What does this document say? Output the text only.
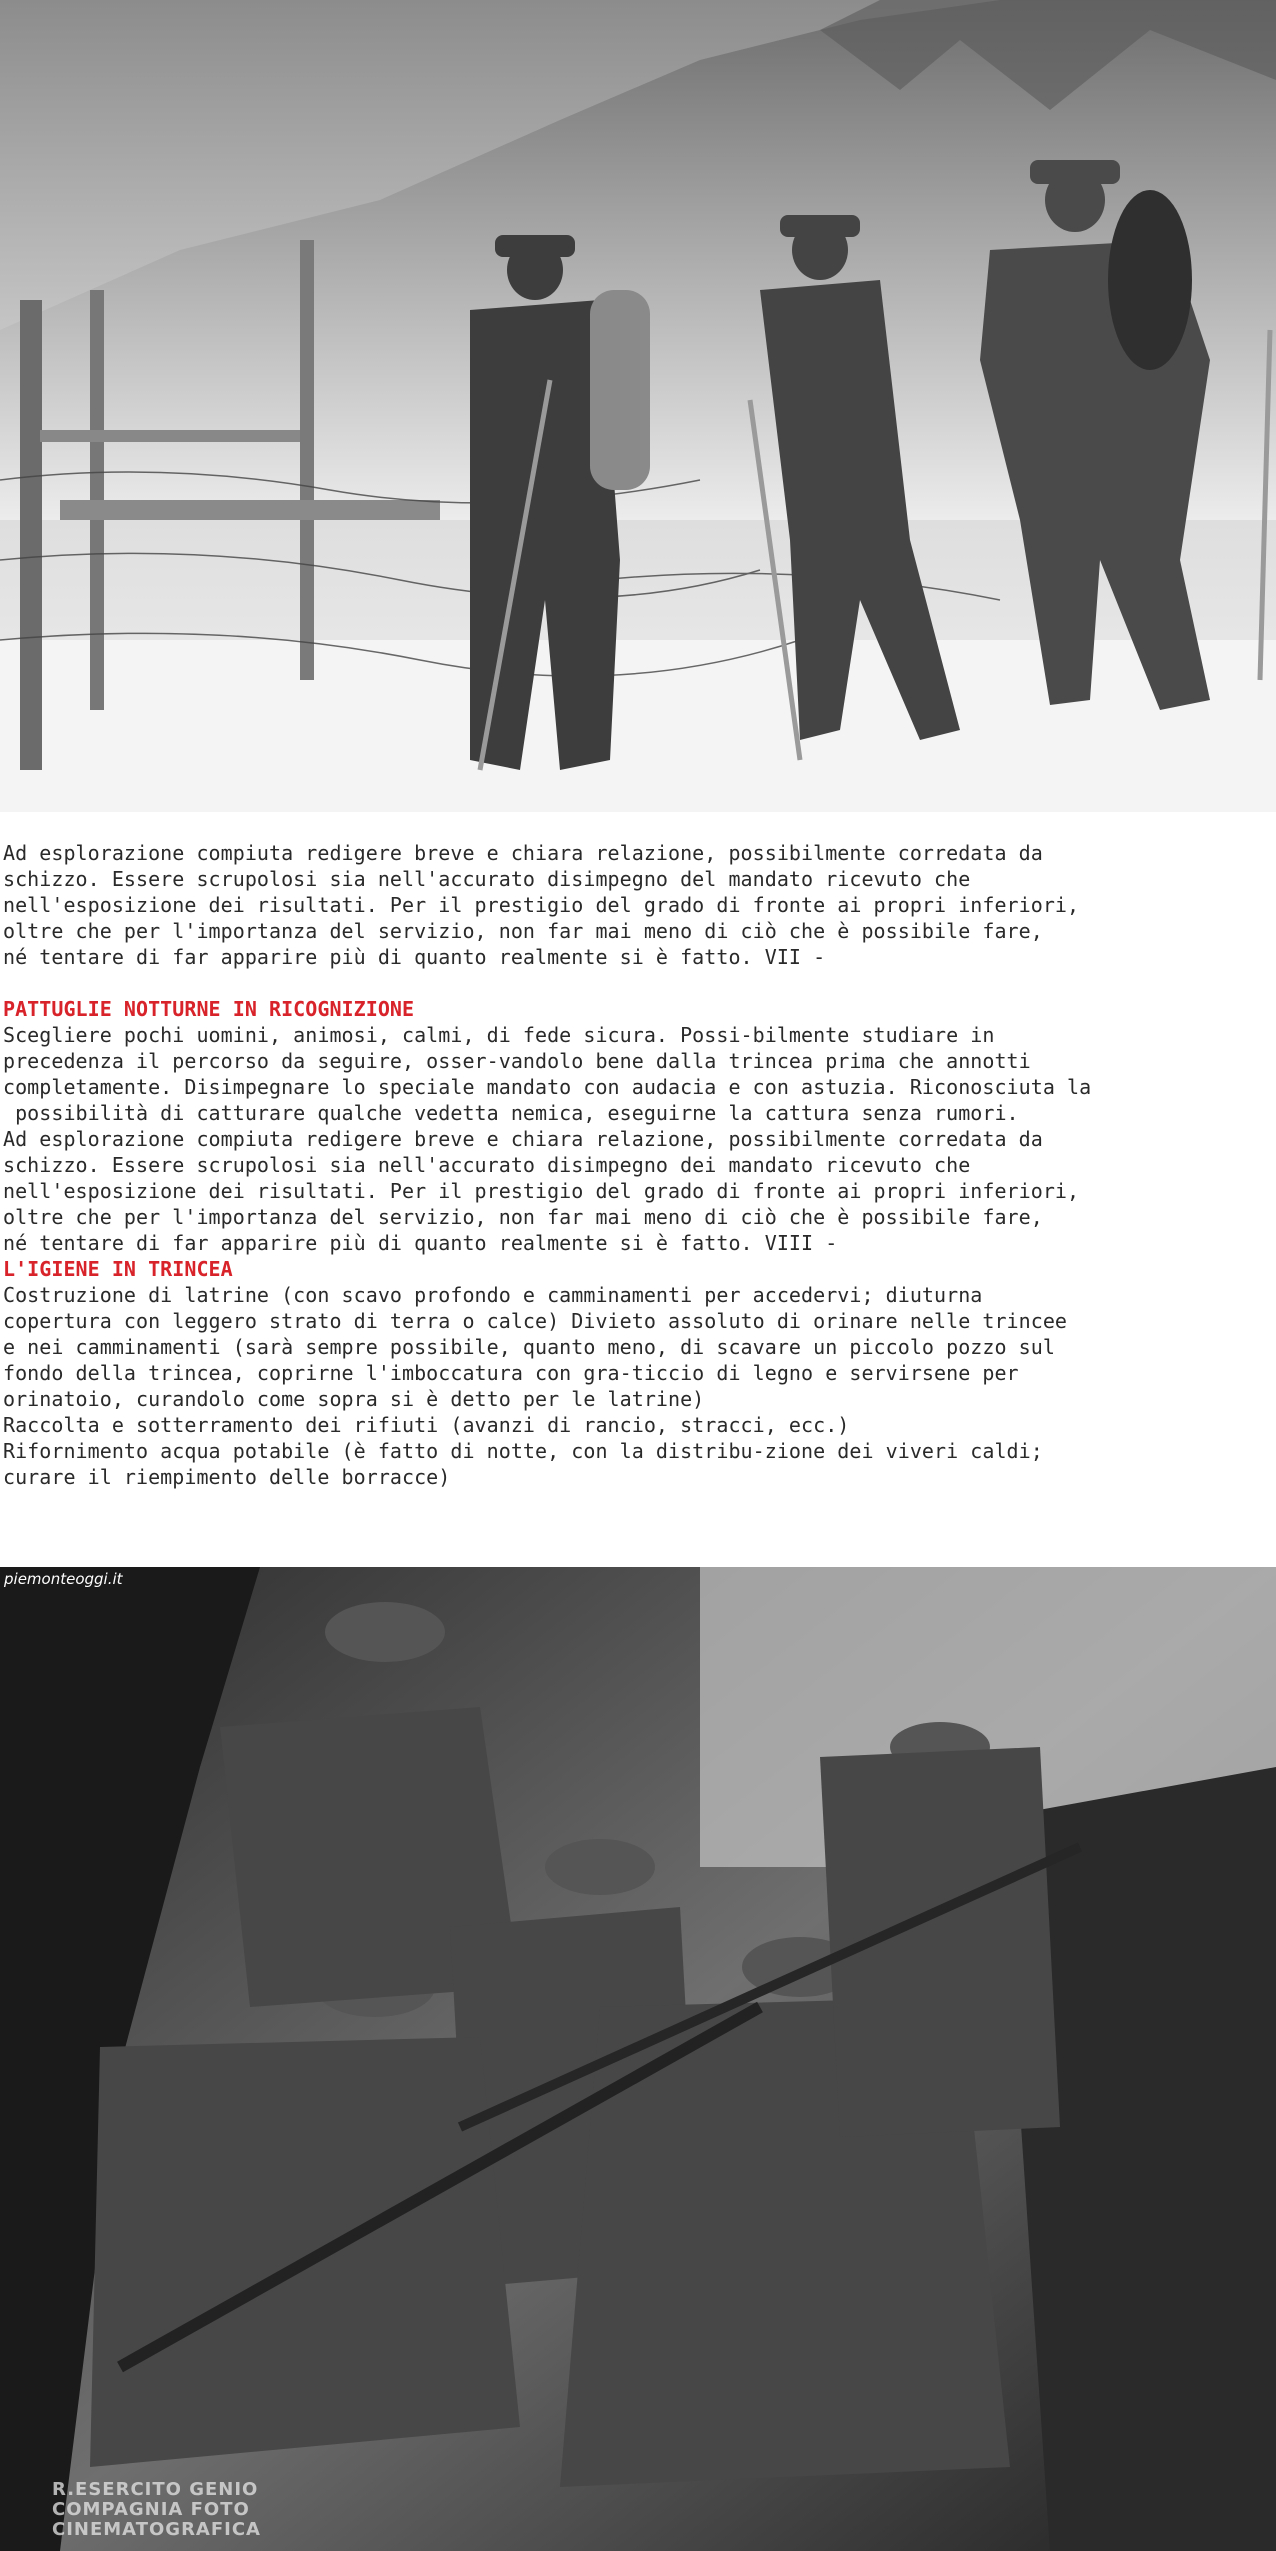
Ad esplorazione compiuta redigere breve e chiara relazione, possibilmente corredata da
schizzo. Essere scrupolosi sia nell'accurato disimpegno del mandato ricevuto che
nell'esposizione dei risultati. Per il prestigio del grado di fronte ai propri inferiori,
oltre che per l'importanza del servizio, non far mai meno di ciò che è possibile fare,
né tentare di far apparire più di quanto realmente si è fatto. VII -
PATTUGLIE NOTTURNE IN RICOGNIZIONE
Scegliere pochi uomini, animosi, calmi, di fede sicura. Possi-bilmente studiare in
precedenza il percorso da seguire, osser-vandolo bene dalla trincea prima che annotti
completamente. Disimpegnare lo speciale mandato con audacia e con astuzia. Riconosciuta la
possibilità di catturare qualche vedetta nemica, eseguirne la cattura senza rumori.
Ad esplorazione compiuta redigere breve e chiara relazione, possibilmente corredata da
schizzo. Essere scrupolosi sia nell'accurato disimpegno dei mandato ricevuto che
nell'esposizione dei risultati. Per il prestigio del grado di fronte ai propri inferiori,
oltre che per l'importanza del servizio, non far mai meno di ciò che è possibile fare,
né tentare di far apparire più di quanto realmente si è fatto. VIII -
L'IGIENE IN TRINCEA
Costruzione di latrine (con scavo profondo e camminamenti per accedervi; diuturna
copertura con leggero strato di terra o calce) Divieto assoluto di orinare nelle trincee
e nei camminamenti (sarà sempre possibile, quanto meno, di scavare un piccolo pozzo sul
fondo della trincea, coprirne l'imboccatura con gra-ticcio di legno e servirsene per
orinatoio, curandolo come sopra si è detto per le latrine)
Raccolta e sotterramento dei rifiuti (avanzi di rancio, stracci, ecc.)
Rifornimento acqua potabile (è fatto di notte, con la distribu-zione dei viveri caldi;
curare il riempimento delle borracce)
piemonteoggi.it
R.ESERCITO GENIO
COMPAGNIA FOTO
CINEMATOGRAFICA
